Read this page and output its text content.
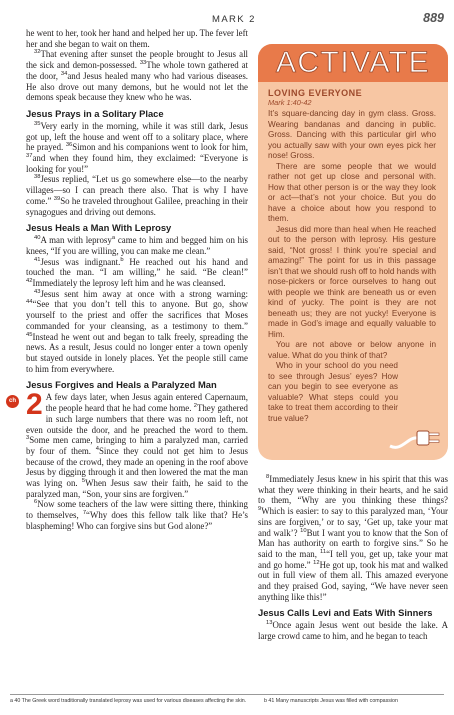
MARK 2	889

he went to her, took her hand and helped her up. The fever left her and she began to wait on them.

$^{32}$That evening after sunset the people brought to Jesus all the sick and demon-possessed. $^{33}$The whole town gathered at the door, $^{34}$and Jesus healed many who had various diseases. He also drove out many demons, but he would not let the demons speak because they knew who he was.

Jesus Prays in a Solitary Place

$^{35}$Very early in the morning, while it was still dark, Jesus got up, left the house and went off to a solitary place, where he prayed. $^{36}$Simon and his companions went to look for him, $^{37}$and when they found him, they exclaimed: “Everyone is looking for you!”

$^{38}$Jesus replied, “Let us go somewhere else—to the nearby villages—so I can preach there also. That is why I have come.” $^{39}$So he traveled throughout Galilee, preaching in their synagogues and driving out demons.

Jesus Heals a Man With Leprosy

$^{40}$A man with leprosy$^a$ came to him and begged him on his knees, “If you are willing, you can make me clean.”

$^{41}$Jesus was indignant.$^b$ He reached out his hand and touched the man. “I am willing,” he said. “Be clean!” $^{42}$Immediately the leprosy left him and he was cleansed.

$^{43}$Jesus sent him away at once with a strong warning: $^{44}$“See that you don’t tell this to anyone. But go, show yourself to the priest and offer the sacrifices that Moses commanded for your cleansing, as a testimony to them.” $^{45}$Instead he went out and began to talk freely, spreading the news. As a result, Jesus could no longer enter a town openly but stayed outside in lonely places. Yet the people still came to him from everywhere.

Jesus Forgives and Heals a Paralyzed Man
ch 2 A few days later, when Jesus again entered Capernaum, the people heard that he had come home. $^2$They gathered in such large numbers that there was no room left, not even outside the door, and he preached the word to them. $^3$Some men came, bringing to him a paralyzed man, carried by four of them. $^4$Since they could not get him to Jesus because of the crowd, they made an opening in the roof above Jesus by digging through it and then lowered the mat the man was lying on. $^5$When Jesus saw their faith, he said to the paralyzed man, “Son, your sins are forgiven.”

$^6$Now some teachers of the law were sitting there, thinking to themselves, $^7$“Why does this fellow talk like that? He’s blaspheming! Who can forgive sins but God alone?”

ACTIVATE
LOVING EVERYONE
Mark 1:40-42

It’s square-dancing day in gym class. Gross. Wearing bandanas and dancing in public. Gross. Dancing with this particular girl who you actually saw with your own eyes pick her nose! Gross.

There are some people that we would rather not get up close and personal with. How that other person is or the way they look or act—that’s not your choice. But you do have a choice about how you respond to them.

Jesus did more than heal when He reached out to the person with leprosy. His gesture said, “Not gross! I think you’re special and amazing!” The point for us in this passage isn’t that we should rush off to hold hands with nose-pickers or force ourselves to hang out with people we think are beneath us or even kind of yucky. The point is they are not beneath us; they are not yucky! Everyone is made in God’s image and equally valuable to Him.

You are not above or below anyone in value. What do you think of that?

Who in your school do you need to see through Jesus’ eyes? How can you begin to see everyone as valuable? What steps could you take to treat them according to their true value?

$^8$Immediately Jesus knew in his spirit that this was what they were thinking in their hearts, and he said to them, “Why are you thinking these things? $^9$Which is easier: to say to this paralyzed man, ‘Your sins are forgiven,’ or to say, ‘Get up, take your mat and walk’? $^{10}$But I want you to know that the Son of Man has authority on earth to forgive sins.” So he said to the man, $^{11}$“I tell you, get up, take your mat and go home.” $^{12}$He got up, took his mat and walked out in full view of them all. This amazed everyone and they praised God, saying, “We have never seen anything like this!”

Jesus Calls Levi and Eats With Sinners

$^{13}$Once again Jesus went out beside the lake. A large crowd came to him, and he began to teach

a 40 The Greek word traditionally translated leprosy was used for various diseases affecting the skin.	b 41 Many manuscripts Jesus was filled with compassion
